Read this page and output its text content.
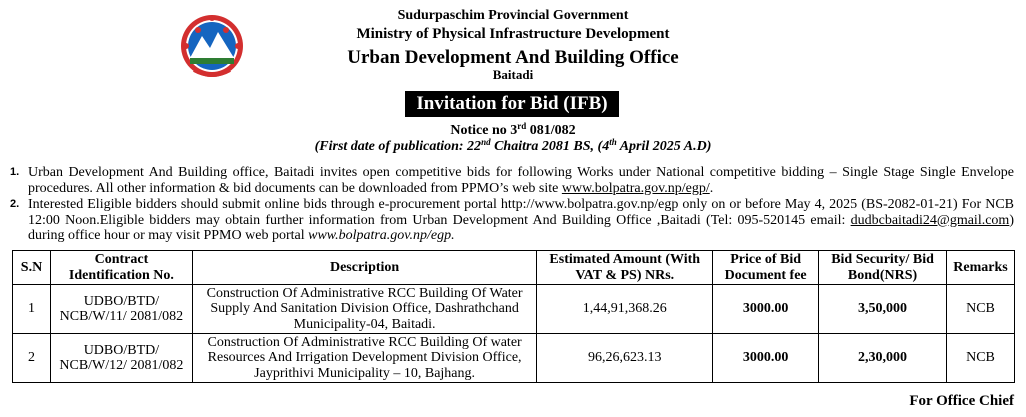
Sudurpaschim Provincial Government
Ministry of Physical Infrastructure Development
Urban Development And Building Office
Baitadi
Invitation for Bid (IFB)
Notice no 3rd 081/082
(First date of publication: 22nd Chaitra 2081 BS, (4th April 2025 A.D)
1. Urban Development And Building office, Baitadi invites open competitive bids for following Works under National competitive bidding – Single Stage Single Envelope procedures. All other information & bid documents can be downloaded from PPMO’s web site www.bolpatra.gov.np/egp/.
2. Interested Eligible bidders should submit online bids through e-procurement portal http://www.bolpatra.gov.np/egp only on or before May 4, 2025 (BS-2082-01-21) For NCB 12:00 Noon.Eligible bidders may obtain further information from Urban Development And Building Office ,Baitadi (Tel: 095-520145 email: dudbcbaitadi24@gmail.com) during office hour or may visit PPMO web portal www.bolpatra.gov.np/egp.
S.N	Contract Identification No.	Description	Estimated Amount (With VAT & PS) NRs.	Price of Bid Document fee	Bid Security/ Bid Bond(NRS)	Remarks
1	UDBO/BTD/ NCB/W/11/ 2081/082	Construction Of Administrative RCC Building Of Water Supply And Sanitation Division Office, Dashrathchand Municipality-04, Baitadi.	1,44,91,368.26	3000.00	3,50,000	NCB
2	UDBO/BTD/ NCB/W/12/ 2081/082	Construction Of Administrative RCC Building Of water Resources And Irrigation Development Division Office, Jayprithivi Municipality – 10, Bajhang.	96,26,623.13	3000.00	2,30,000	NCB
For Office Chief
